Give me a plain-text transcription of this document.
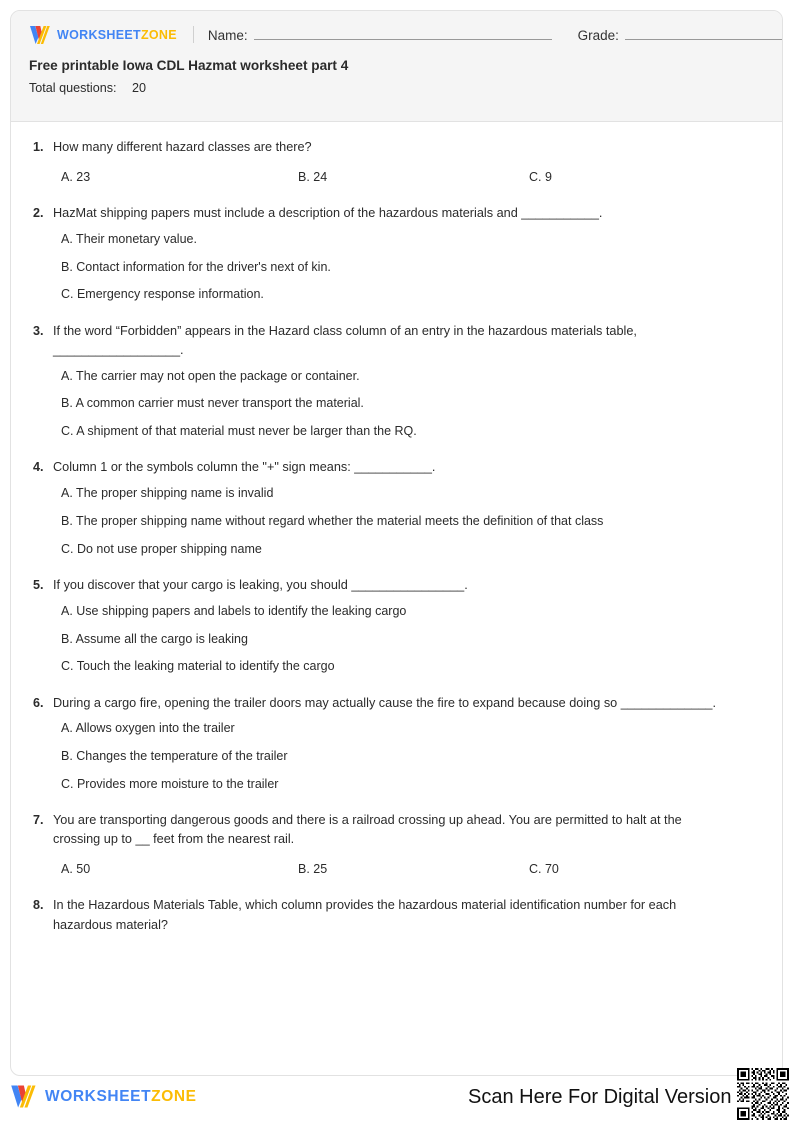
WORKSHEETZONE Name:	Grade:
Free printable Iowa CDL Hazmat worksheet part 4
Total questions: 20
1. How many different hazard classes are there?
A. 23	B. 24	C. 9
2. HazMat shipping papers must include a description of the hazardous materials and ___________.
A. Their monetary value.
B. Contact information for the driver's next of kin.
C. Emergency response information.
3. If the word “Forbidden” appears in the Hazard class column of an entry in the hazardous materials table, __________________.
A. The carrier may not open the package or container.
B. A common carrier must never transport the material.
C. A shipment of that material must never be larger than the RQ.
4. Column 1 or the symbols column the "+" sign means: ___________.
A. The proper shipping name is invalid
B. The proper shipping name without regard whether the material meets the definition of that class
C. Do not use proper shipping name
5. If you discover that your cargo is leaking, you should ________________.
A. Use shipping papers and labels to identify the leaking cargo
B. Assume all the cargo is leaking
C. Touch the leaking material to identify the cargo
6. During a cargo fire, opening the trailer doors may actually cause the fire to expand because doing so _____________.
A. Allows oxygen into the trailer
B. Changes the temperature of the trailer
C. Provides more moisture to the trailer
7. You are transporting dangerous goods and there is a railroad crossing up ahead. You are permitted to halt at the crossing up to __ feet from the nearest rail.
A. 50	B. 25	C. 70
8. In the Hazardous Materials Table, which column provides the hazardous material identification number for each hazardous material?
WORKSHEETZONE	Scan Here For Digital Version
